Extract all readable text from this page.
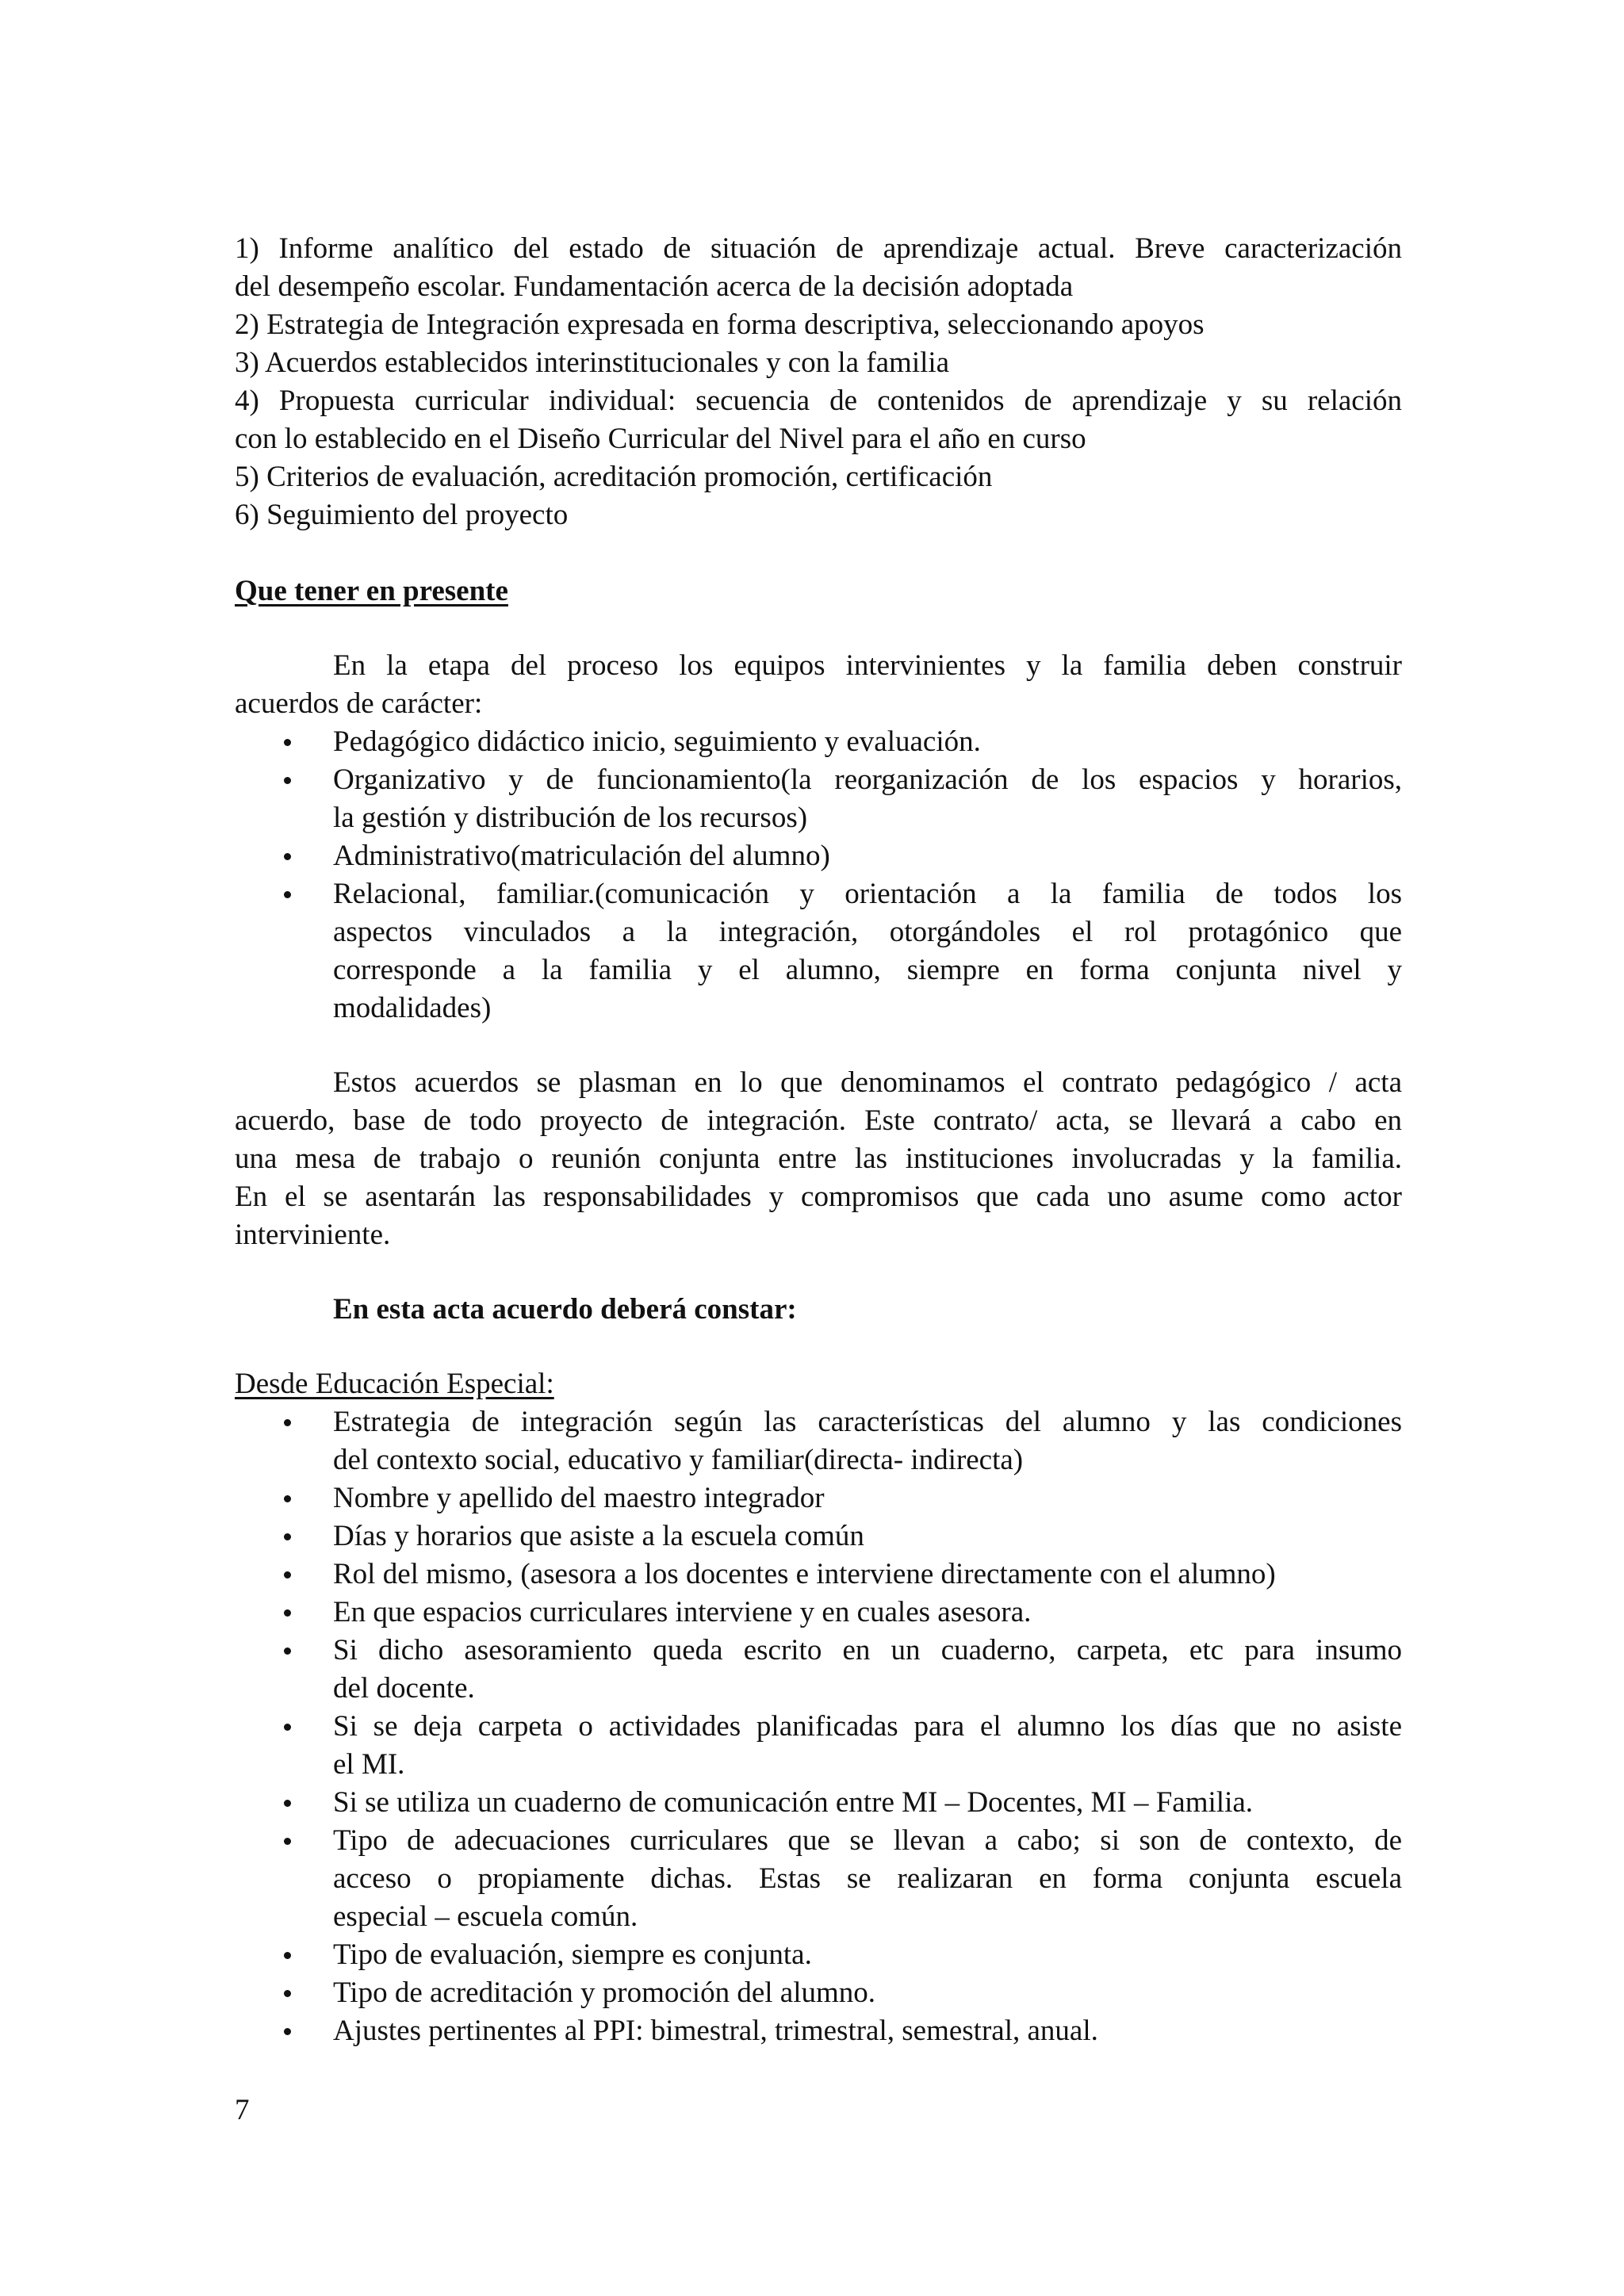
1) Informe analítico del estado de situación de aprendizaje actual. Breve caracterización
del desempeño escolar. Fundamentación acerca de la decisión adoptada
2) Estrategia de Integración expresada en forma descriptiva, seleccionando apoyos
3) Acuerdos establecidos interinstitucionales y con la familia
4) Propuesta curricular individual: secuencia de contenidos de aprendizaje y su relación
con lo establecido en el Diseño Curricular del Nivel para el año en curso
5) Criterios de evaluación, acreditación promoción, certificación
6) Seguimiento del proyecto
Que tener en presente
En la etapa del proceso los equipos intervinientes y la familia deben construir
acuerdos de carácter:
Pedagógico didáctico inicio, seguimiento y evaluación.
Organizativo y de funcionamiento(la reorganización de los espacios y horarios,
la gestión y distribución de los recursos)
Administrativo(matriculación del alumno)
Relacional, familiar.(comunicación y orientación a la familia de todos los
aspectos vinculados a la integración, otorgándoles el rol protagónico que
corresponde a la familia y el alumno, siempre en forma conjunta nivel y
modalidades)
Estos acuerdos se plasman en lo que denominamos el contrato pedagógico / acta
acuerdo, base de todo proyecto de integración. Este contrato/ acta, se llevará a cabo en
una mesa de trabajo o reunión conjunta entre las instituciones involucradas y la familia.
En el se asentarán las responsabilidades y compromisos que cada uno asume como actor
interviniente.
En esta acta acuerdo deberá constar:
Desde Educación Especial:
Estrategia de integración según las características del alumno y las condiciones
del contexto social, educativo y familiar(directa- indirecta)
Nombre y apellido del maestro integrador
Días y horarios que asiste a la escuela común
Rol del mismo, (asesora a los docentes e interviene directamente con el alumno)
En que espacios curriculares interviene y en cuales asesora.
Si dicho asesoramiento queda escrito en un cuaderno, carpeta, etc para insumo
del docente.
Si se deja carpeta o actividades planificadas para el alumno los días que no asiste
el MI.
Si se utiliza un cuaderno de comunicación entre MI – Docentes, MI – Familia.
Tipo de adecuaciones curriculares que se llevan a cabo; si son de contexto, de
acceso o propiamente dichas. Estas se realizaran en forma conjunta escuela
especial – escuela común.
Tipo de evaluación, siempre es conjunta.
Tipo de acreditación y promoción del alumno.
Ajustes pertinentes al PPI: bimestral, trimestral, semestral, anual.
7
